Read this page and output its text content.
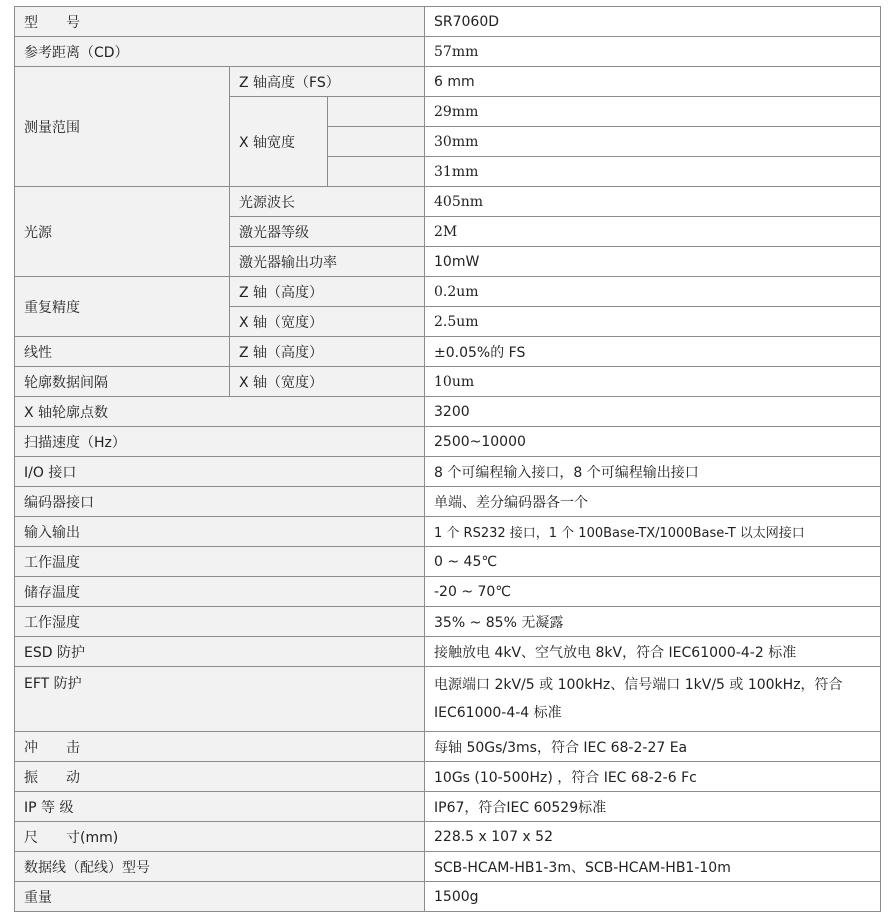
型　　号			SR7060D
参考距离（CD）			57mm
测量范围	Z 轴高度（FS）		6 mm
	X 轴宽度		29mm
			30mm
			31mm
光源	光源波长		405nm
	激光器等级		2M
	激光器输出功率		10mW
重复精度	Z 轴（高度）		0.2um
	X 轴（宽度）		2.5um
线性	Z 轴（高度）		±0.05%的 FS
轮廓数据间隔	X 轴（宽度）		10um
X 轴轮廓点数			3200
扫描速度（Hz）			2500~10000
I/O 接口			8 个可编程输入接口，8 个可编程输出接口
编码器接口			单端、差分编码器各一个
输入输出			1 个 RS232 接口，1 个 100Base-TX/1000Base-T 以太网接口
工作温度			0 ~ 45℃
储存温度			-20 ~ 70℃
工作湿度			35% ~ 85% 无凝露
ESD 防护			接触放电 4kV、空气放电 8kV，符合 IEC61000-4-2 标准
EFT 防护			电源端口 2kV/5 或 100kHz、信号端口 1kV/5 或 100kHz，符合 IEC61000-4-4 标准
冲　　击			每轴 50Gs/3ms，符合 IEC 68-2-27 Ea
振　　动			10Gs (10-500Hz) ，符合 IEC 68-2-6 Fc
IP 等 级			IP67，符合IEC 60529标准
尺　　寸(mm)			228.5 x 107 x 52
数据线（配线）型号			SCB-HCAM-HB1-3m、SCB-HCAM-HB1-10m
重量			1500g
